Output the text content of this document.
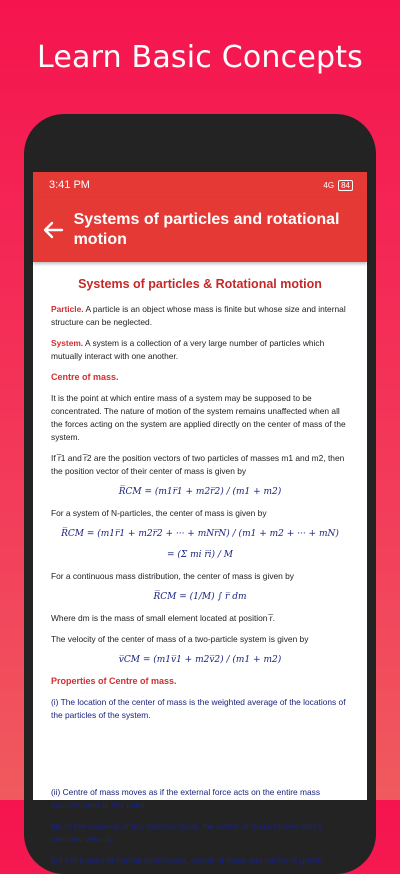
Learn Basic Concepts
3:41 PM	4G 84
Systems of particles and rotational motion
Systems of particles & Rotational motion

Particle. A particle is an object whose mass is finite but whose size and internal structure can be neglected.

System. A system is a collection of a very large number of particles which mutually interact with one another.

Centre of mass.

It is the point at which entire mass of a system may be supposed to be concentrated. The nature of motion of the system remains unaffected when all the forces acting on the system are applied directly on the center of mass of the system.

If r̅1 and r̅2 are the position vectors of two particles of masses m1 and m2, then the position vector of their center of mass is given by

R̅CM = (m1r̅1 + m2r̅2) / (m1 + m2)

For a system of N-particles, the center of mass is given by

R̅CM = (m1r̅1 + m2r̅2 + ··· + mNr̅N) / (m1 + m2 + ··· + mN)
= (Σ mi r̅i) / M

For a continuous mass distribution, the center of mass is given by

R̅CM = (1/M) ∫ r̅ dm

Where dm is the mass of small element located at position r̅.

The velocity of the center of mass of a two-particle system is given by

v̅CM = (m1v̅1 + m2v̅2) / (m1 + m2)
Properties of Centre of mass.

(i) The location of the center of mass is the weighted average of the locations of the particles of the system.

(ii) Centre of mass moves as if the external force acts on the entire mass concentrated at this point.

(iii) In the absence of any external force, the center of mass moves with a constant velocity.

(iv) For bodies of normal dimensions, center of mass and center of gravity
